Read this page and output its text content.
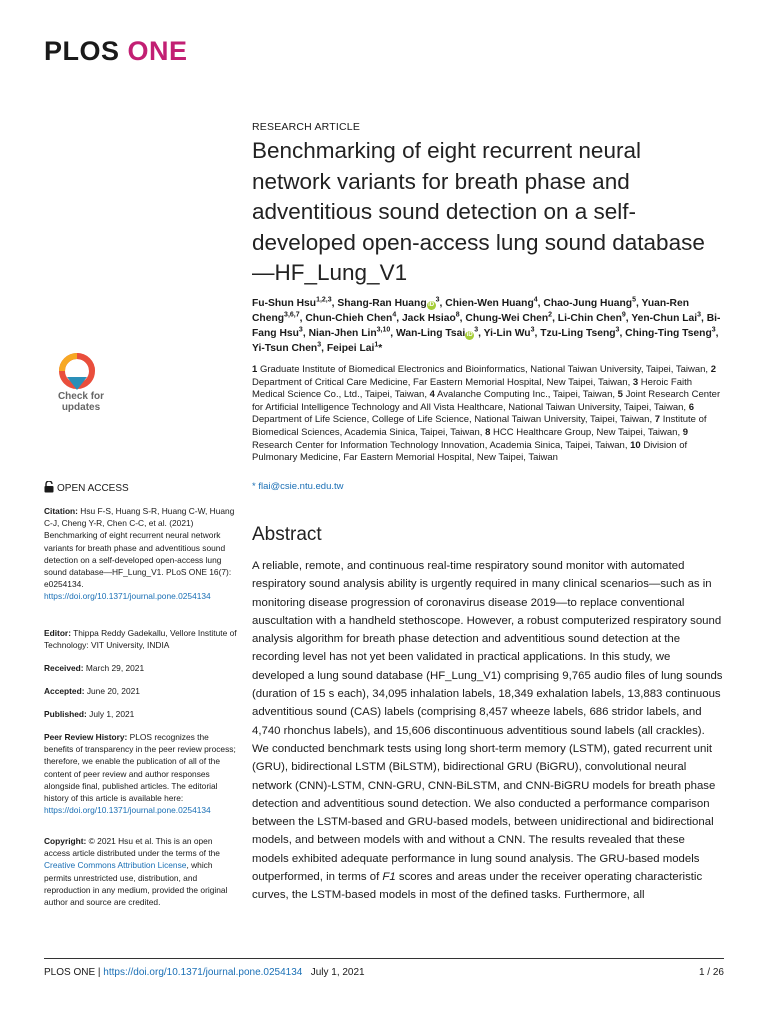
PLOS ONE
Check for updates
OPEN ACCESS
Citation: Hsu F-S, Huang S-R, Huang C-W, Huang C-J, Cheng Y-R, Chen C-C, et al. (2021) Benchmarking of eight recurrent neural network variants for breath phase and adventitious sound detection on a self-developed open-access lung sound database—HF_Lung_V1. PLoS ONE 16(7): e0254134. https://doi.org/10.1371/journal.pone.0254134
Editor: Thippa Reddy Gadekallu, Vellore Institute of Technology: VIT University, INDIA
Received: March 29, 2021
Accepted: June 20, 2021
Published: July 1, 2021
Peer Review History: PLOS recognizes the benefits of transparency in the peer review process; therefore, we enable the publication of all of the content of peer review and author responses alongside final, published articles. The editorial history of this article is available here: https://doi.org/10.1371/journal.pone.0254134
Copyright: © 2021 Hsu et al. This is an open access article distributed under the terms of the Creative Commons Attribution License, which permits unrestricted use, distribution, and reproduction in any medium, provided the original author and source are credited.
RESEARCH ARTICLE
Benchmarking of eight recurrent neural network variants for breath phase and adventitious sound detection on a self-developed open-access lung sound database—HF_Lung_V1
Fu-Shun Hsu$^{1,2,3}$, Shang-Ran Huang $iD^3$, Chien-Wen Huang$^4$, Chao-Jung Huang$^5$, Yuan-Ren Cheng$^{3,6,7}$, Chun-Chieh Chen$^4$, Jack Hsiao$^8$, Chung-Wei Chen$^2$, Li-Chin Chen$^9$, Yen-Chun Lai$^3$, Bi-Fang Hsu$^3$, Nian-Jhen Lin$^{3,10}$, Wan-Ling Tsai $iD^3$, Yi-Lin Wu$^3$, Tzu-Ling Tseng$^3$, Ching-Ting Tseng$^3$, Yi-Tsun Chen$^3$, Feipei Lai$^1$*
1 Graduate Institute of Biomedical Electronics and Bioinformatics, National Taiwan University, Taipei, Taiwan, 2 Department of Critical Care Medicine, Far Eastern Memorial Hospital, New Taipei, Taiwan, 3 Heroic Faith Medical Science Co., Ltd., Taipei, Taiwan, 4 Avalanche Computing Inc., Taipei, Taiwan, 5 Joint Research Center for Artificial Intelligence Technology and All Vista Healthcare, National Taiwan University, Taipei, Taiwan, 6 Department of Life Science, College of Life Science, National Taiwan University, Taipei, Taiwan, 7 Institute of Biomedical Sciences, Academia Sinica, Taipei, Taiwan, 8 HCC Healthcare Group, New Taipei, Taiwan, 9 Research Center for Information Technology Innovation, Academia Sinica, Taipei, Taiwan, 10 Division of Pulmonary Medicine, Far Eastern Memorial Hospital, New Taipei, Taiwan
* flai@csie.ntu.edu.tw
Abstract
A reliable, remote, and continuous real-time respiratory sound monitor with automated respiratory sound analysis ability is urgently required in many clinical scenarios—such as in monitoring disease progression of coronavirus disease 2019—to replace conventional auscultation with a handheld stethoscope. However, a robust computerized respiratory sound analysis algorithm for breath phase detection and adventitious sound detection at the recording level has not yet been validated in practical applications. In this study, we developed a lung sound database (HF_Lung_V1) comprising 9,765 audio files of lung sounds (duration of 15 s each), 34,095 inhalation labels, 18,349 exhalation labels, 13,883 continuous adventitious sound (CAS) labels (comprising 8,457 wheeze labels, 686 stridor labels, and 4,740 rhonchus labels), and 15,606 discontinuous adventitious sound labels (all crackles). We conducted benchmark tests using long short-term memory (LSTM), gated recurrent unit (GRU), bidirectional LSTM (BiLSTM), bidirectional GRU (BiGRU), convolutional neural network (CNN)-LSTM, CNN-GRU, CNN-BiLSTM, and CNN-BiGRU models for breath phase detection and adventitious sound detection. We also conducted a performance comparison between the LSTM-based and GRU-based models, between unidirectional and bidirectional models, and between models with and without a CNN. The results revealed that these models exhibited adequate performance in lung sound analysis. The GRU-based models outperformed, in terms of F1 scores and areas under the receiver operating characteristic curves, the LSTM-based models in most of the defined tasks. Furthermore, all
PLOS ONE | https://doi.org/10.1371/journal.pone.0254134   July 1, 2021	1 / 26
